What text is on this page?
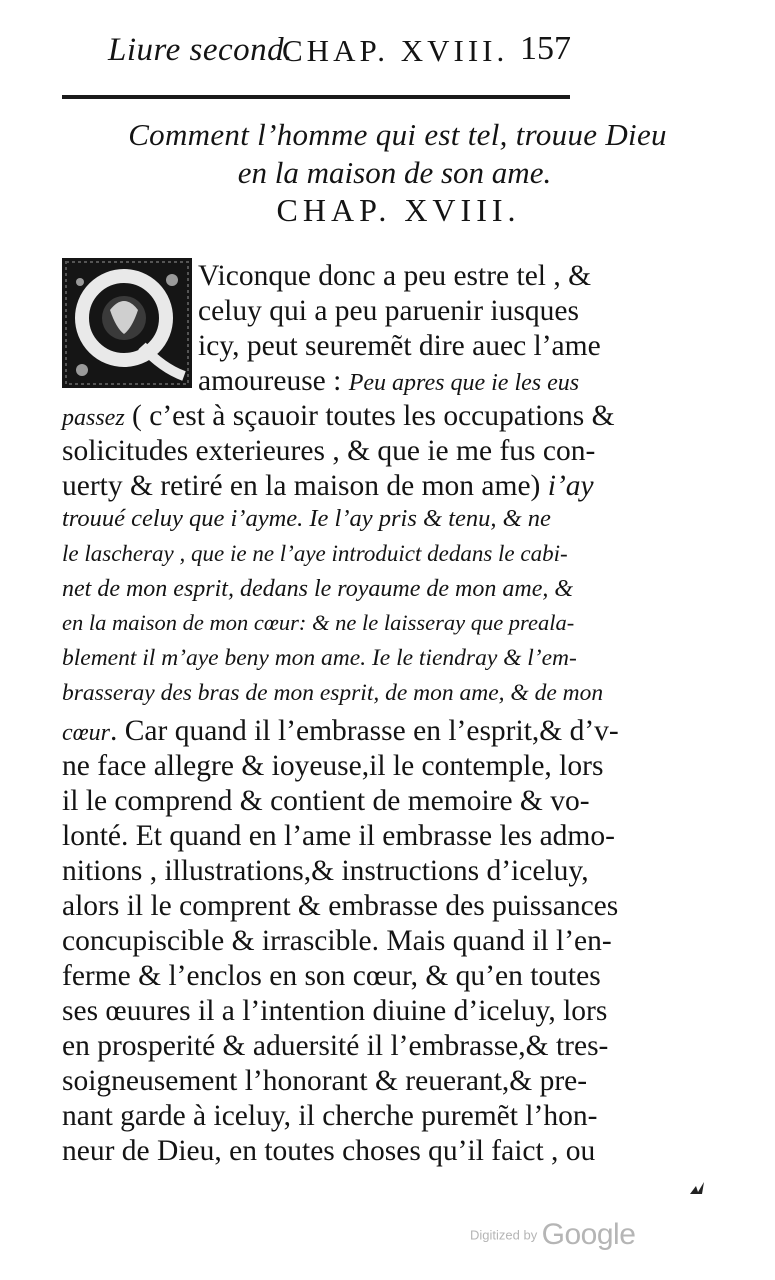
Liure second.
CHAP. XVIII. 157
Comment l’homme qui est tel, trouue Dieu
en la maison de son ame.
CHAP. XVIII.
Viconque donc a peu estre tel , &
celuy qui a peu paruenir iusques
icy, peut seuremẽt dire auec l’ame
amoureuse : Peu apres que ie les eus
passez ( c’est à sçauoir toutes les occupations &
solicitudes exterieures , & que ie me fus con-
uerty & retiré en la maison de mon ame) i’ay
trouué celuy que i’ayme. Ie l’ay pris & tenu, & ne
le lascheray , que ie ne l’aye introduict dedans le cabi-
net de mon esprit, dedans le royaume de mon ame, &
en la maison de mon cœur: & ne le laisseray que preala-
blement il m’aye beny mon ame. Ie le tiendray & l’em-
brasseray des bras de mon esprit, de mon ame, & de mon
cœur. Car quand il l’embrasse en l’esprit,& d’v-
ne face allegre & ioyeuse,il le contemple, lors
il le comprend & contient de memoire & vo-
lonté. Et quand en l’ame il embrasse les admo-
nitions , illustrations,& instructions d’iceluy,
alors il le comprent & embrasse des puissances
concupiscible & irrascible. Mais quand il l’en-
ferme & l’enclos en son cœur, & qu’en toutes
ses œuures il a l’intention diuine d’iceluy, lors
en prosperité & aduersité il l’embrasse,& tres-
soigneusement l’honorant & reuerant,& pre-
nant garde à iceluy, il cherche puremẽt l’hon-
neur de Dieu, en toutes choses qu’il faict , ou
Digitized by Google
